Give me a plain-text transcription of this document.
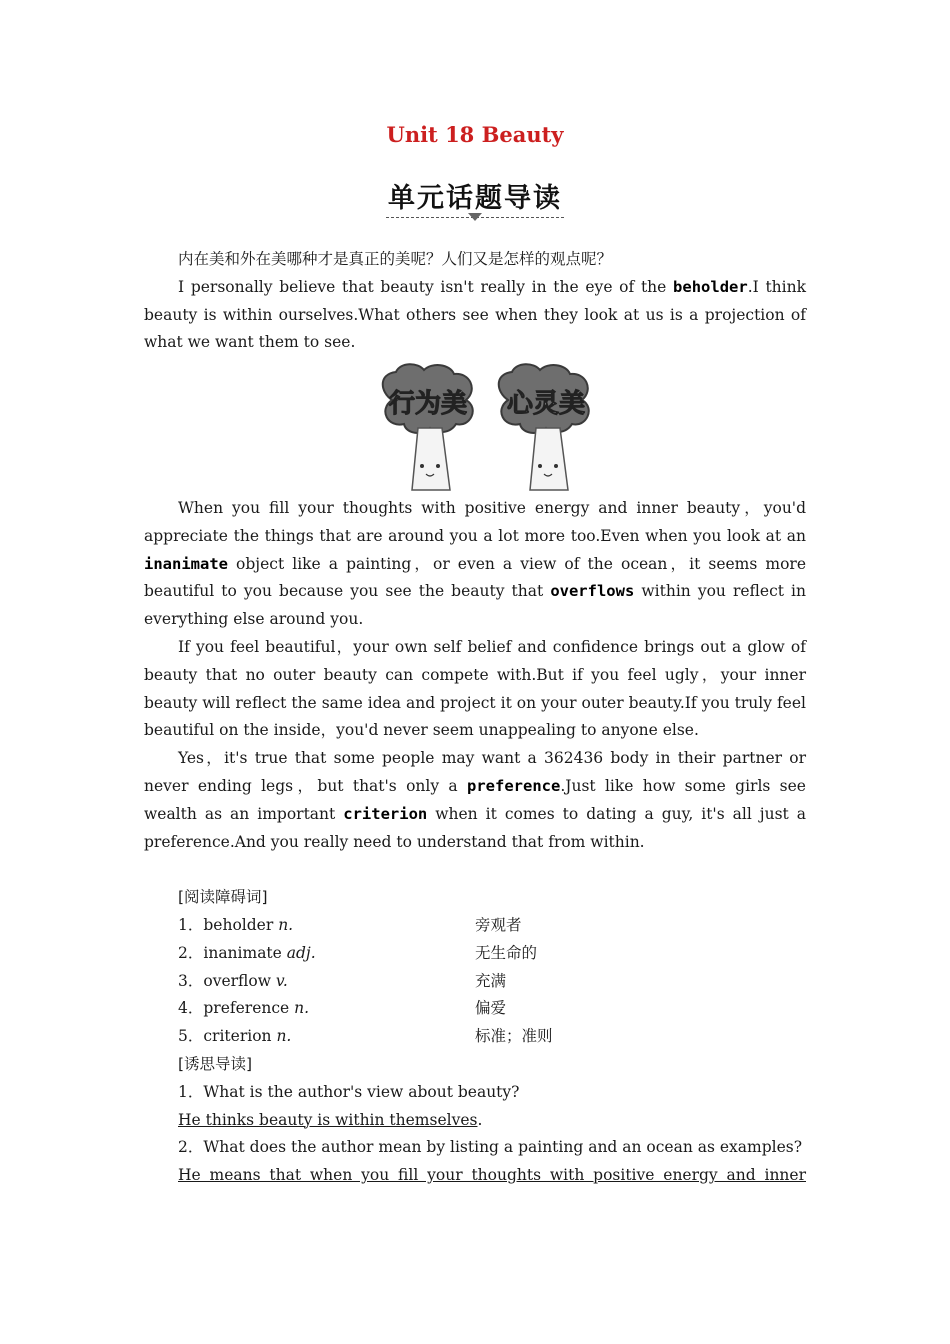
Unit 18 Beauty
单元话题导读

内在美和外在美哪种才是真正的美呢？人们又是怎样的观点呢？

I personally believe that beauty isn't really in the eye of the beholder.I think beauty is within ourselves.What others see when they look at us is a projection of what we want them to see.

行为美 心灵美

When you fill your thoughts with positive energy and inner beauty，you'd appreciate the things that are around you a lot more too.Even when you look at an inanimate object like a painting，or even a view of the ocean，it seems more beautiful to you because you see the beauty that overflows within you reflect in everything else around you.

If you feel beautiful，your own self belief and confidence brings out a glow of beauty that no outer beauty can compete with.But if you feel ugly，your inner beauty will reflect the same idea and project it on your outer beauty.If you truly feel beautiful on the inside，you'd never seem unappealing to anyone else.

Yes，it's true that some people may want a 362436 body in their partner or never ending legs，but that's only a preference.Just like how some girls see wealth as an important criterion when it comes to dating a guy, it's all just a preference.And you really need to understand that from within.

[阅读障碍词]

1．beholder n.	旁观者
2．inanimate adj.	无生命的
3．overflow v.	充满
4．preference n.	偏爱
5．criterion n.	标准；准则

[诱思导读]

1．What is the author's view about beauty?

He thinks beauty is within themselves.

2．What does the author mean by listing a painting and an ocean as examples?

He means that when you fill your thoughts with positive energy and inner
